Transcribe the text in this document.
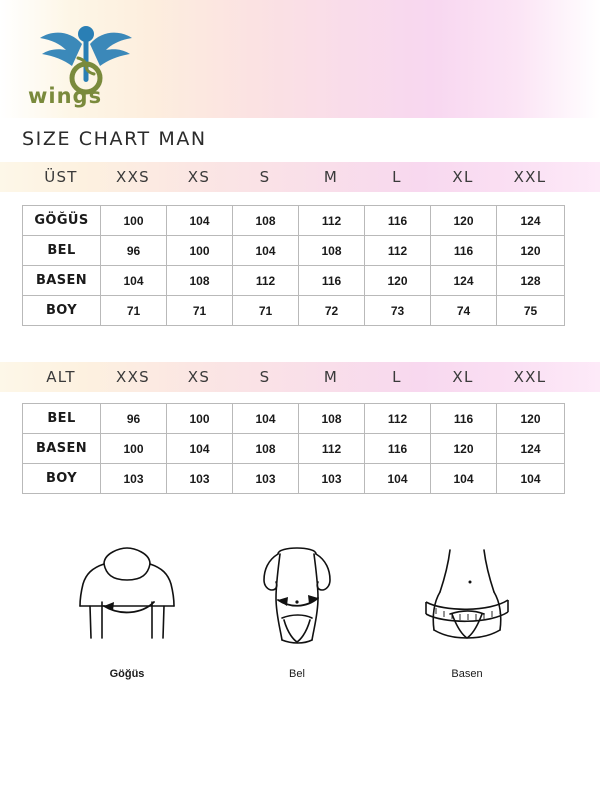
wings
SIZE CHART MAN
ÜST	XXS	XS	S	M	L	XL	XXL
GÖĞÜS	100	104	108	112	116	120	124
BEL	96	100	104	108	112	116	120
BASEN	104	108	112	116	120	124	128
BOY	71	71	71	72	73	74	75
ALT	XXS	XS	S	M	L	XL	XXL
BEL	96	100	104	108	112	116	120
BASEN	100	104	108	112	116	120	124
BOY	103	103	103	103	104	104	104
Göğüs	Bel	Basen
